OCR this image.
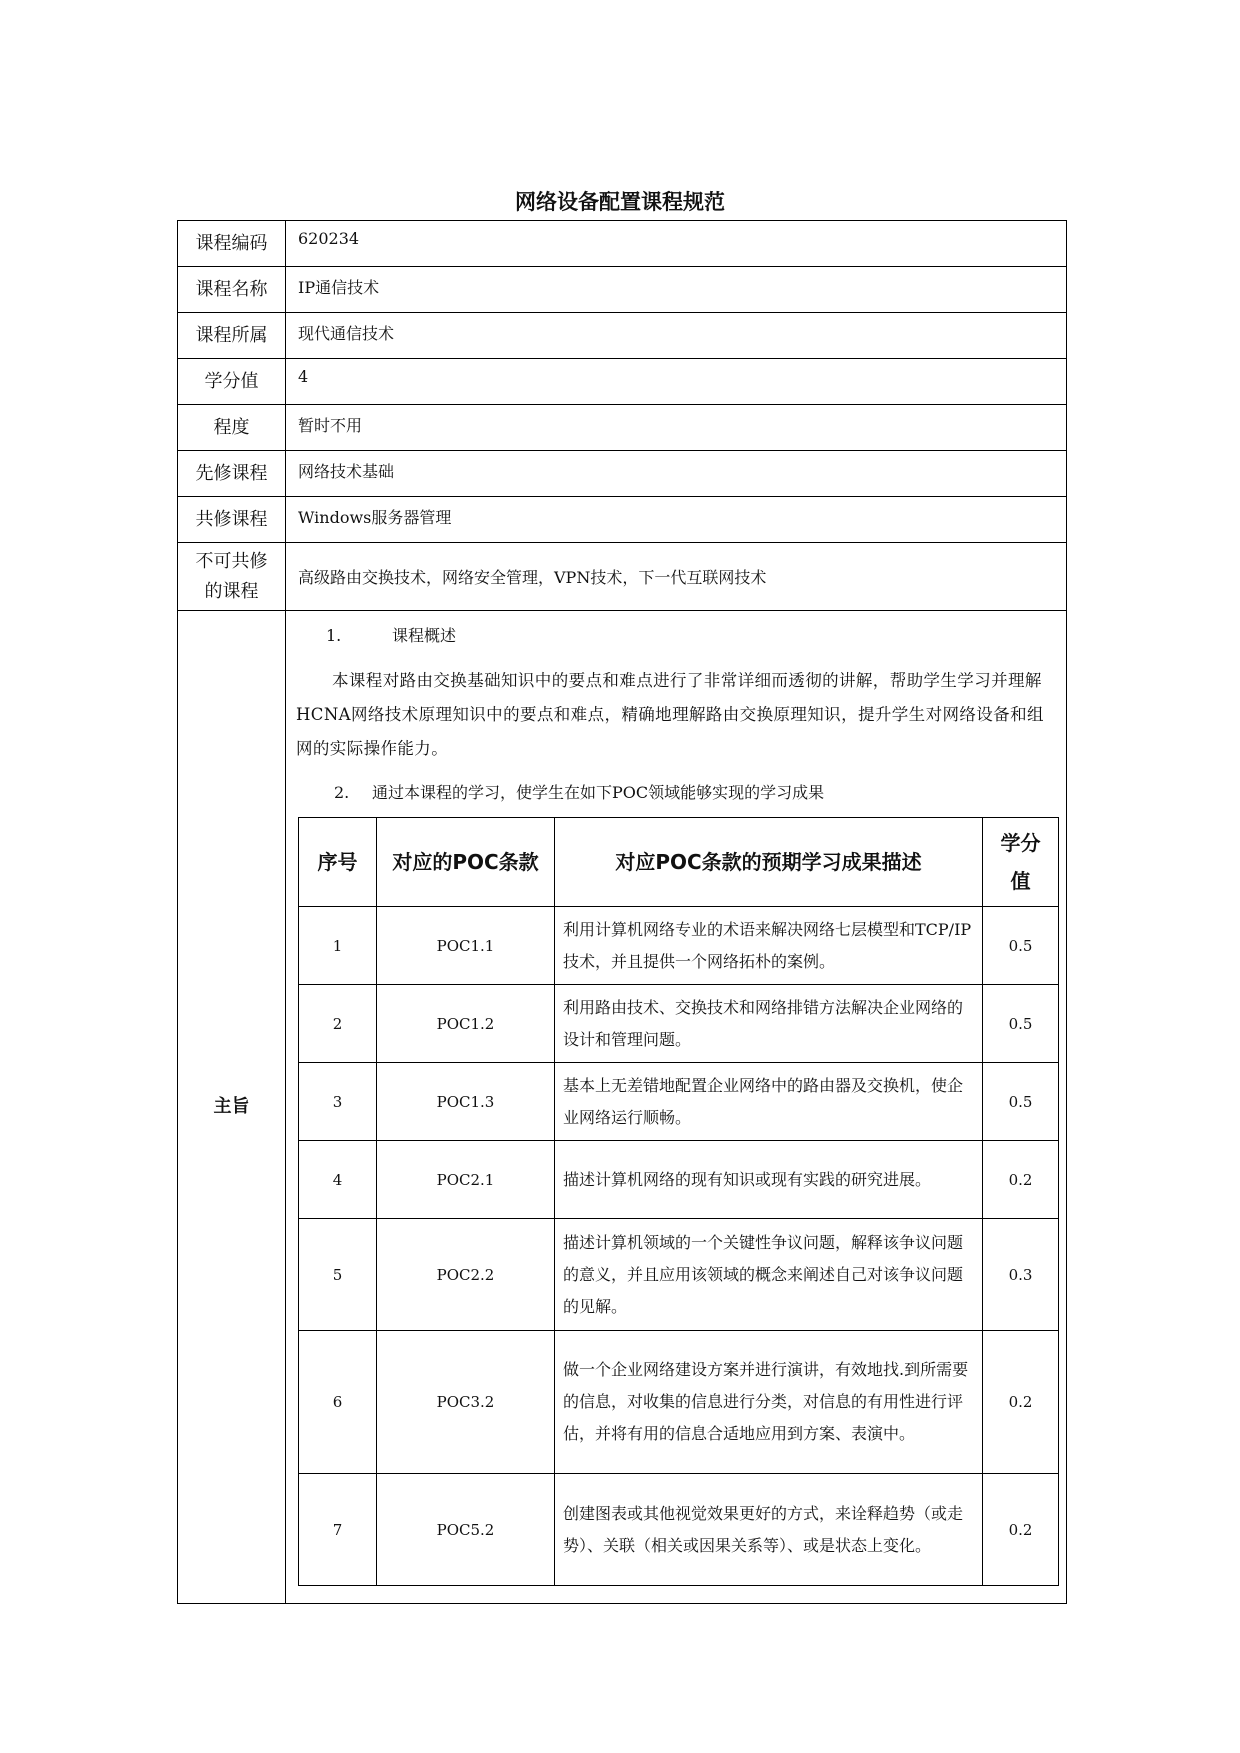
网络设备配置课程规范
课程编码	620234
课程名称	IP通信技术
课程所属	现代通信技术
学分值	4
程度	暂时不用
先修课程	网络技术基础
共修课程	Windows服务器管理
不可共修的课程	高级路由交换技术，网络安全管理，VPN技术，下一代互联网技术
主旨	
1.	课程概述

本课程对路由交换基础知识中的要点和难点进行了非常详细而透彻的讲解，帮助学生学习并理解HCNA网络技术原理知识中的要点和难点，精确地理解路由交换原理知识，提升学生对网络设备和组网的实际操作能力。

2. 通过本课程的学习，使学生在如下POC领域能够实现的学习成果
序号	对应的POC条款	对应POC条款的预期学习成果描述	学分值
1	POC1.1	利用计算机网络专业的术语来解决网络七层模型和TCP/IP技术，并且提供一个网络拓朴的案例。	0.5
2	POC1.2	利用路由技术、交换技术和网络排错方法解决企业网络的设计和管理问题。	0.5
3	POC1.3	基本上无差错地配置企业网络中的路由器及交换机，使企业网络运行顺畅。	0.5
4	POC2.1	描述计算机网络的现有知识或现有实践的研究进展。	0.2
5	POC2.2	描述计算机领域的一个关键性争议问题，解释该争议问题的意义，并且应用该领域的概念来阐述自己对该争议问题的见解。	0.3
6	POC3.2	做一个企业网络建设方案并进行演讲，有效地找.到所需要的信息，对收集的信息进行分类，对信息的有用性进行评估，并将有用的信息合适地应用到方案、表演中。	0.2
7	POC5.2	创建图表或其他视觉效果更好的方式，来诠释趋势（或走势）、关联（相关或因果关系等）、或是状态上变化。	0.2
